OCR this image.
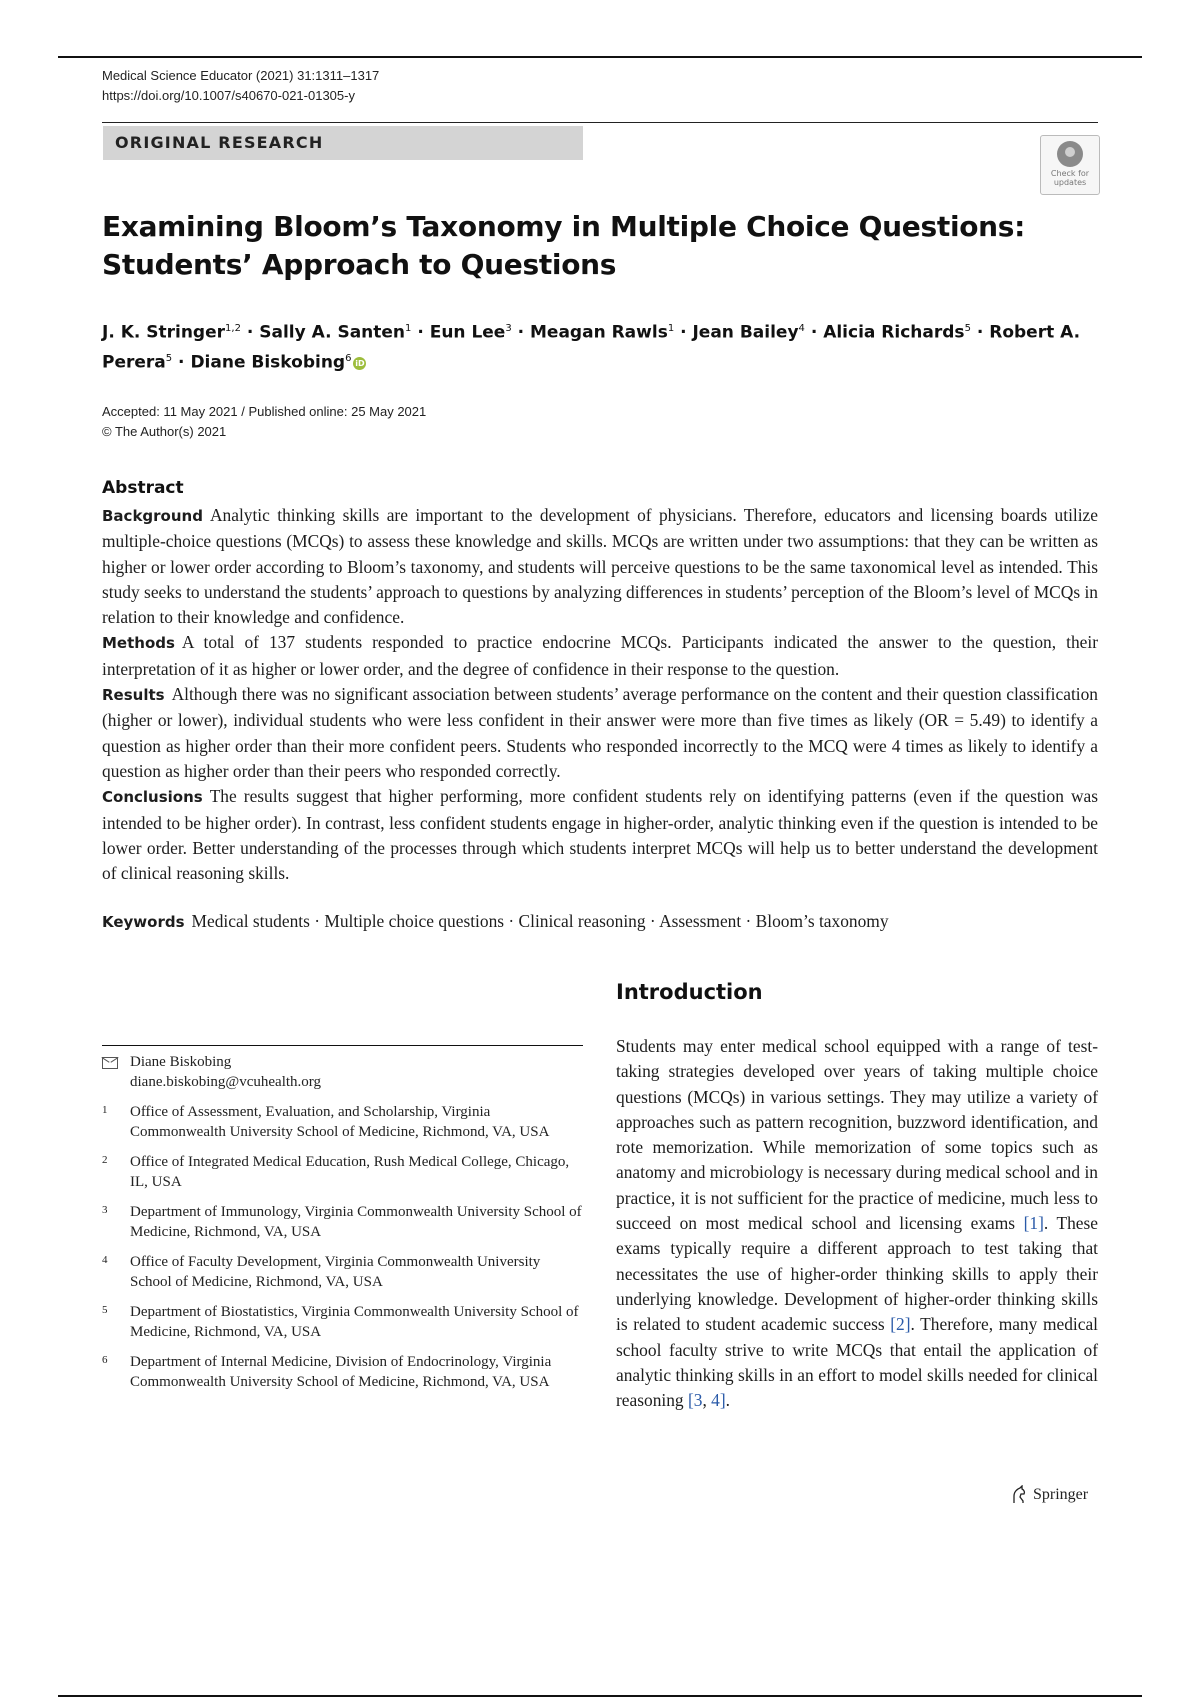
Medical Science Educator (2021) 31:1311–1317
https://doi.org/10.1007/s40670-021-01305-y
ORIGINAL RESEARCH
Check for
updates
Examining Bloom’s Taxonomy in Multiple Choice Questions: Students’ Approach to Questions
J. K. Stringer$^{1,2}$ · Sally A. Santen$^1$ · Eun Lee$^3$ · Meagan Rawls$^1$ · Jean Bailey$^4$ · Alicia Richards$^5$ · Robert A. Perera$^5$ · Diane Biskobing$^6$iD
Accepted: 11 May 2021 / Published online: 25 May 2021
© The Author(s) 2021
Abstract

Background Analytic thinking skills are important to the development of physicians. Therefore, educators and licensing boards utilize multiple-choice questions (MCQs) to assess these knowledge and skills. MCQs are written under two assumptions: that they can be written as higher or lower order according to Bloom’s taxonomy, and students will perceive questions to be the same taxonomical level as intended. This study seeks to understand the students’ approach to questions by analyzing differences in students’ perception of the Bloom’s level of MCQs in relation to their knowledge and confidence.

Methods A total of 137 students responded to practice endocrine MCQs. Participants indicated the answer to the question, their interpretation of it as higher or lower order, and the degree of confidence in their response to the question.

Results Although there was no significant association between students’ average performance on the content and their question classification (higher or lower), individual students who were less confident in their answer were more than five times as likely (OR = 5.49) to identify a question as higher order than their more confident peers. Students who responded incorrectly to the MCQ were 4 times as likely to identify a question as higher order than their peers who responded correctly.

Conclusions The results suggest that higher performing, more confident students rely on identifying patterns (even if the question was intended to be higher order). In contrast, less confident students engage in higher-order, analytic thinking even if the question is intended to be lower order. Better understanding of the processes through which students interpret MCQs will help us to better understand the development of clinical reasoning skills.

Keywords Medical students · Multiple choice questions · Clinical reasoning · Assessment · Bloom’s taxonomy
Introduction

Students may enter medical school equipped with a range of test-taking strategies developed over years of taking multiple choice questions (MCQs) in various settings. They may utilize a variety of approaches such as pattern recognition, buzzword identification, and rote memorization. While memorization of some topics such as anatomy and microbiology is necessary during medical school and in practice, it is not sufficient for the practice of medicine, much less to succeed on most medical school and licensing exams [1]. These exams typically require a different approach to test taking that necessitates the use of higher-order thinking skills to apply their underlying knowledge. Development of higher-order thinking skills is related to student academic success [2]. Therefore, many medical school faculty strive to write MCQs that entail the application of analytic thinking skills in an effort to model skills needed for clinical reasoning [3, 4].

Diane Biskobing
diane.biskobing@vcuhealth.org
1	Office of Assessment, Evaluation, and Scholarship, Virginia Commonwealth University School of Medicine, Richmond, VA, USA
2	Office of Integrated Medical Education, Rush Medical College, Chicago, IL, USA
3	Department of Immunology, Virginia Commonwealth University School of Medicine, Richmond, VA, USA
4	Office of Faculty Development, Virginia Commonwealth University School of Medicine, Richmond, VA, USA
5	Department of Biostatistics, Virginia Commonwealth University School of Medicine, Richmond, VA, USA
6	Department of Internal Medicine, Division of Endocrinology, Virginia Commonwealth University School of Medicine, Richmond, VA, USA
Springer
